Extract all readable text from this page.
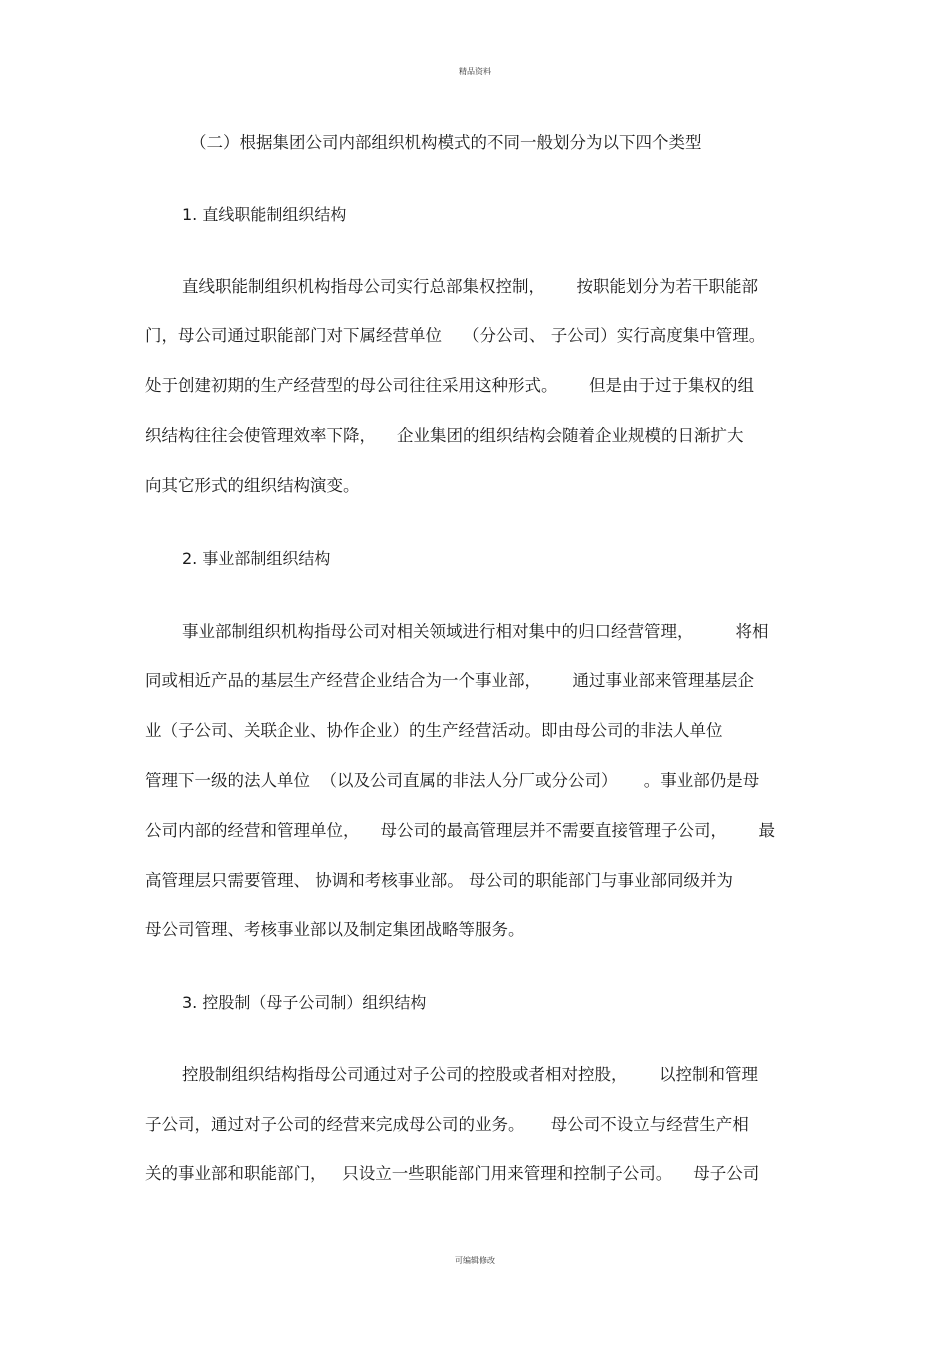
精品资料
（二）根据集团公司内部组织机构模式的不同一般划分为以下四个类型
1. 直线职能制组织结构
直线职能制组织机构指母公司实行总部集权控制，      按职能划分为若干职能部
门，母公司通过职能部门对下属经营单位    （分公司、 子公司）实行高度集中管理。
处于创建初期的生产经营型的母公司往往采用这种形式。      但是由于过于集权的组
织结构往往会使管理效率下降，    企业集团的组织结构会随着企业规模的日渐扩大
向其它形式的组织结构演变。
2. 事业部制组织结构
事业部制组织机构指母公司对相关领域进行相对集中的归口经营管理，        将相
同或相近产品的基层生产经营企业结合为一个事业部，      通过事业部来管理基层企
业（子公司、关联企业、协作企业）的生产经营活动。即由母公司的非法人单位
管理下一级的法人单位  （以及公司直属的非法人分厂或分公司）     。事业部仍是母
公司内部的经营和管理单位，    母公司的最高管理层并不需要直接管理子公司，      最
高管理层只需要管理、 协调和考核事业部。 母公司的职能部门与事业部同级并为
母公司管理、考核事业部以及制定集团战略等服务。
3. 控股制（母子公司制）组织结构
控股制组织结构指母公司通过对子公司的控股或者相对控股，      以控制和管理
子公司，通过对子公司的经营来完成母公司的业务。     母公司不设立与经营生产相
关的事业部和职能部门，   只设立一些职能部门用来管理和控制子公司。    母子公司
可编辑修改
